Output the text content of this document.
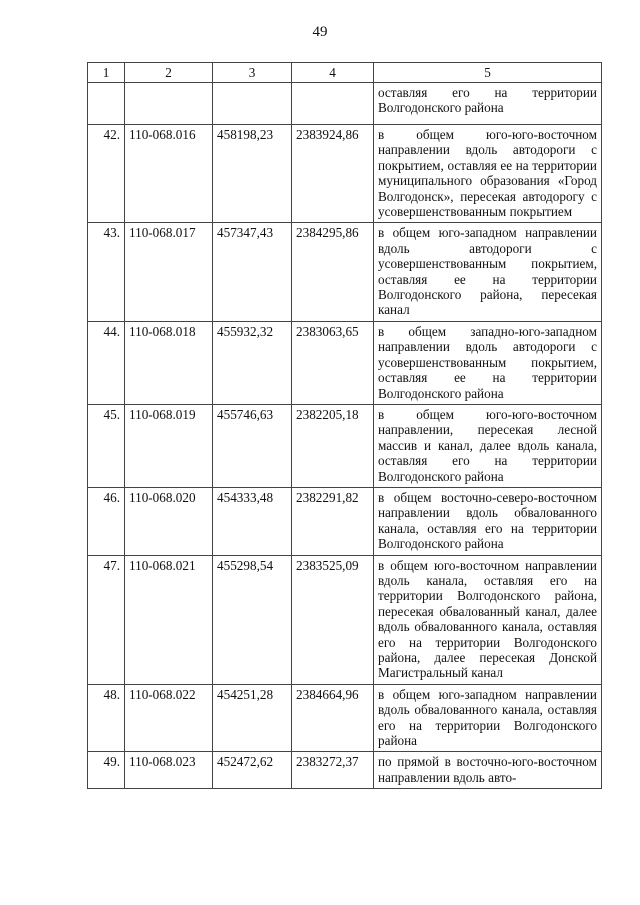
49
1	2	3	4	5
				оставляя его на территории Волгодонского района
42.	110-068.016	458198,23	2383924,86	в общем юго-юго-восточном направлении вдоль автодороги с покрытием, оставляя ее на территории муниципального образования «Город Волгодонск», пересекая автодорогу с усовершенствованным покрытием
43.	110-068.017	457347,43	2384295,86	в общем юго-западном направлении вдоль автодороги с усовершенствованным покрытием, оставляя ее на территории Волгодонского района, пересекая канал
44.	110-068.018	455932,32	2383063,65	в общем западно-юго-западном направлении вдоль автодороги с усовершенствованным покрытием, оставляя ее на территории Волгодонского района
45.	110-068.019	455746,63	2382205,18	в общем юго-юго-восточном направлении, пересекая лесной массив и канал, далее вдоль канала, оставляя его на территории Волгодонского района
46.	110-068.020	454333,48	2382291,82	в общем восточно-северо-восточном направлении вдоль обвалованного канала, оставляя его на территории Волгодонского района
47.	110-068.021	455298,54	2383525,09	в общем юго-восточном направлении вдоль канала, оставляя его на территории Волгодонского района, пересекая обвалованный канал, далее вдоль обвалованного канала, оставляя его на территории Волгодонского района, далее пересекая Донской Магистральный канал
48.	110-068.022	454251,28	2384664,96	в общем юго-западном направлении вдоль обвалованного канала, оставляя его на территории Волгодонского района
49.	110-068.023	452472,62	2383272,37	по прямой в восточно-юго-восточном направлении вдоль авто-
